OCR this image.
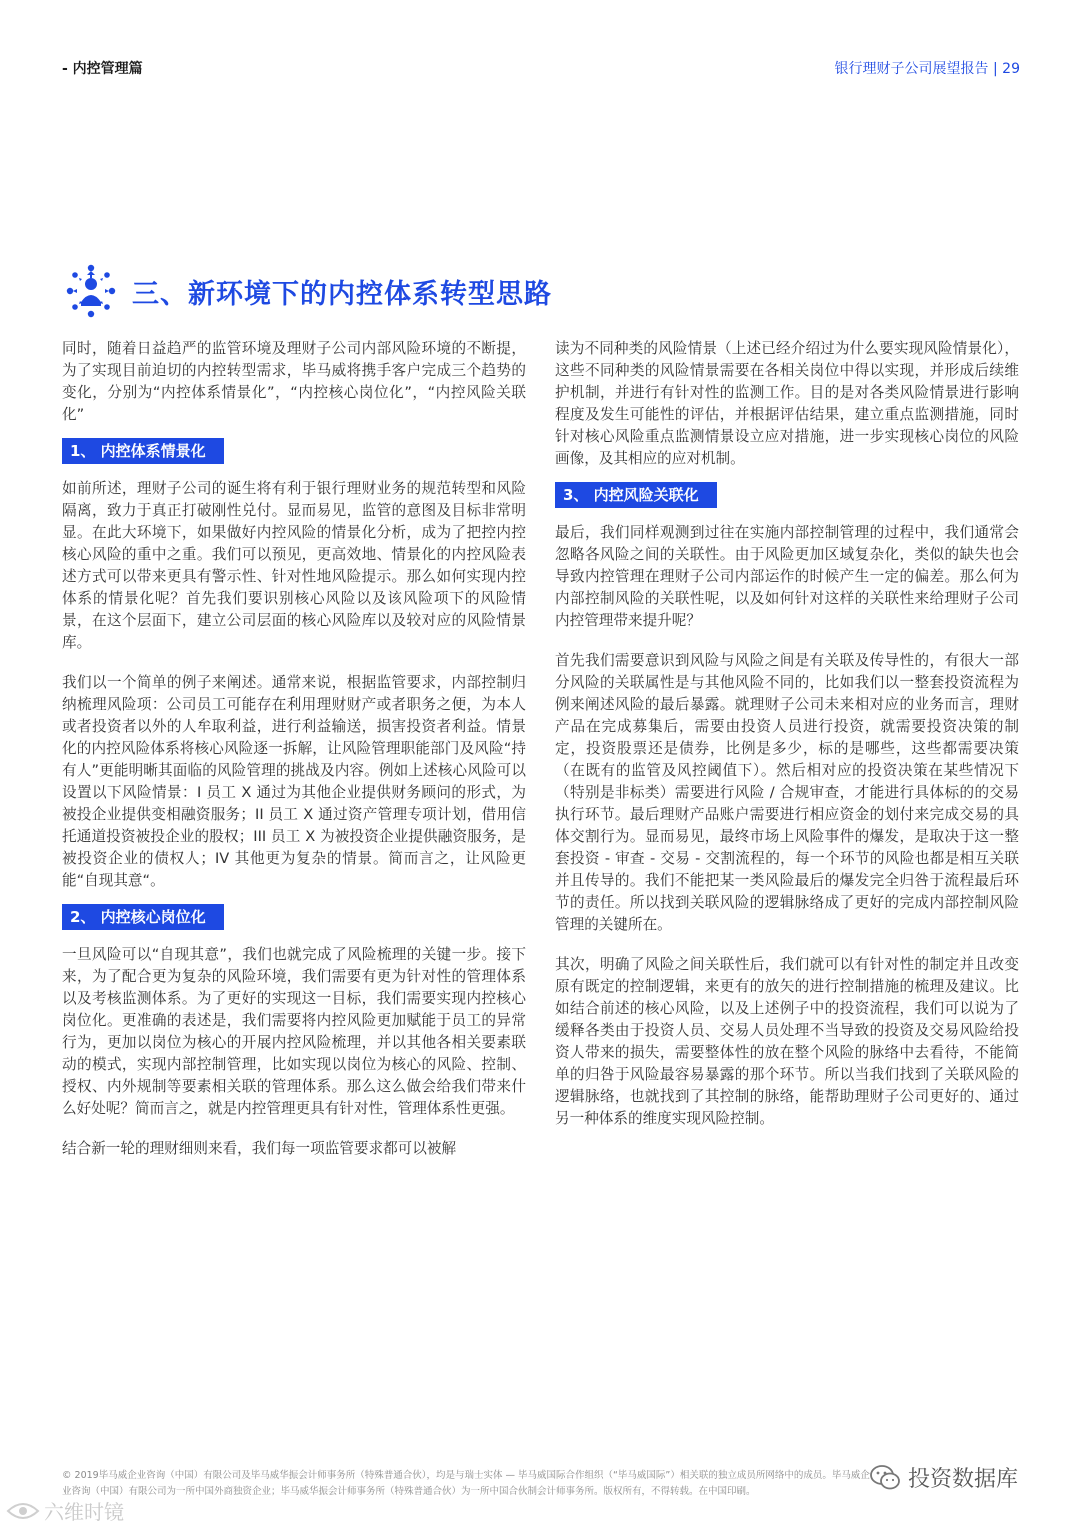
- 内控管理篇	银行理财子公司展望报告 | 29
三、新环境下的内控体系转型思路

同时，随着日益趋严的监管环境及理财子公司内部风险环境的不断提，为了实现目前迫切的内控转型需求，毕马威将携手客户完成三个趋势的变化，分别为“内控体系情景化”，“内控核心岗位化”，“内控风险关联化”

1、 内控体系情景化

如前所述，理财子公司的诞生将有利于银行理财业务的规范转型和风险隔离，致力于真正打破刚性兑付。显而易见，监管的意图及目标非常明显。在此大环境下，如果做好内控风险的情景化分析，成为了把控内控核心风险的重中之重。我们可以预见，更高效地、情景化的内控风险表述方式可以带来更具有警示性、针对性地风险提示。那么如何实现内控体系的情景化呢？首先我们要识别核心风险以及该风险项下的风险情景，在这个层面下，建立公司层面的核心风险库以及较对应的风险情景库。

我们以一个简单的例子来阐述。通常来说，根据监管要求，内部控制归纳梳理风险项：公司员工可能存在利用理财财产或者职务之便，为本人或者投资者以外的人牟取利益，进行利益输送，损害投资者利益。情景化的内控风险体系将核心风险逐一拆解，让风险管理职能部门及风险“持有人”更能明晰其面临的风险管理的挑战及内容。例如上述核心风险可以设置以下风险情景：I 员工 X 通过为其他企业提供财务顾问的形式，为被投企业提供变相融资服务；II 员工 X 通过资产管理专项计划，借用信托通道投资被投企业的股权；III 员工 X 为被投资企业提供融资服务，是被投资企业的债权人；IV 其他更为复杂的情景。简而言之，让风险更能“自现其意“。

2、 内控核心岗位化

一旦风险可以“自现其意”，我们也就完成了风险梳理的关键一步。接下来，为了配合更为复杂的风险环境，我们需要有更为针对性的管理体系以及考核监测体系。为了更好的实现这一目标，我们需要实现内控核心岗位化。更准确的表述是，我们需要将内控风险更加赋能于员工的异常行为，更加以岗位为核心的开展内控风险梳理，并以其他各相关要素联动的模式，实现内部控制管理，比如实现以岗位为核心的风险、控制、授权、内外规制等要素相关联的管理体系。那么这么做会给我们带来什么好处呢？简而言之，就是内控管理更具有针对性，管理体系性更强。

结合新一轮的理财细则来看，我们每一项监管要求都可以被解

读为不同种类的风险情景（上述已经介绍过为什么要实现风险情景化），这些不同种类的风险情景需要在各相关岗位中得以实现，并形成后续维护机制，并进行有针对性的监测工作。目的是对各类风险情景进行影响程度及发生可能性的评估，并根据评估结果，建立重点监测措施，同时针对核心风险重点监测情景设立应对措施，进一步实现核心岗位的风险画像，及其相应的应对机制。

3、 内控风险关联化

最后，我们同样观测到过往在实施内部控制管理的过程中，我们通常会忽略各风险之间的关联性。由于风险更加区域复杂化，类似的缺失也会导致内控管理在理财子公司内部运作的时候产生一定的偏差。那么何为内部控制风险的关联性呢，以及如何针对这样的关联性来给理财子公司内控管理带来提升呢？

首先我们需要意识到风险与风险之间是有关联及传导性的，有很大一部分风险的关联属性是与其他风险不同的，比如我们以一整套投资流程为例来阐述风险的最后暴露。就理财子公司未来相对应的业务而言，理财产品在完成募集后，需要由投资人员进行投资，就需要投资决策的制定，投资股票还是债券，比例是多少，标的是哪些，这些都需要决策（在既有的监管及风控阈值下）。然后相对应的投资决策在某些情况下（特别是非标类）需要进行风险 / 合规审查，才能进行具体标的的交易执行环节。最后理财产品账户需要进行相应资金的划付来完成交易的具体交割行为。显而易见，最终市场上风险事件的爆发，是取决于这一整套投资 - 审查 - 交易 - 交割流程的，每一个环节的风险也都是相互关联并且传导的。我们不能把某一类风险最后的爆发完全归咎于流程最后环节的责任。所以找到关联风险的逻辑脉络成了更好的完成内部控制风险管理的关键所在。

其次，明确了风险之间关联性后，我们就可以有针对性的制定并且改变原有既定的控制逻辑，来更有的放矢的进行控制措施的梳理及建议。比如结合前述的核心风险，以及上述例子中的投资流程，我们可以说为了缓释各类由于投资人员、交易人员处理不当导致的投资及交易风险给投资人带来的损失，需要整体性的放在整个风险的脉络中去看待，不能简单的归咎于风险最容易暴露的那个环节。所以当我们找到了关联风险的逻辑脉络，也就找到了其控制的脉络，能帮助理财子公司更好的、通过另一种体系的维度实现风险控制。

© 2019毕马威企业咨询（中国）有限公司及毕马威华振会计师事务所（特殊普通合伙），均是与瑞士实体 — 毕马威国际合作组织（“毕马威国际”）相关联的独立成员所网络中的成员。毕马威企
业咨询（中国）有限公司为一所中国外商独资企业；毕马威华振会计师事务所（特殊普通合伙）为一所中国合伙制会计师事务所。版权所有，不得转载。在中国印刷。
六维时镜
投资数据库
